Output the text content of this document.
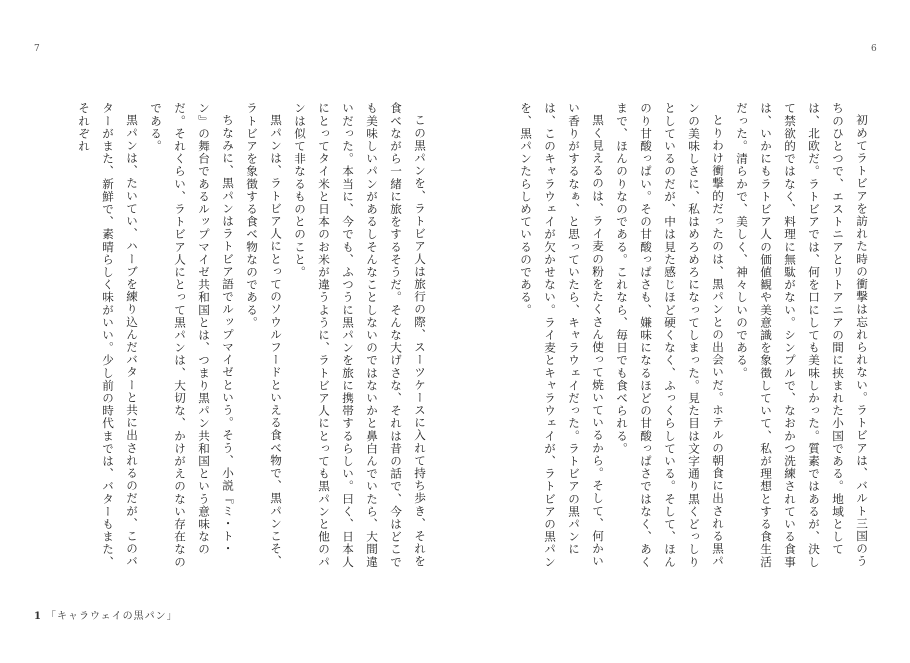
6
7

初めてラトビアを訪れた時の衝撃は忘れられない。ラトビアは、バルト三国のうちのひとつで、エストニアとリトアニアの間に挟まれた小国である。地域としては、北欧だ。ラトビアでは、何を口にしても美味しかった。質素ではあるが、決して禁欲的ではなく、料理に無駄がない。シンプルで、なおかつ洗練されている食事は、いかにもラトビア人の価値観や美意識を象徴していて、私が理想とする食生活だった。清らかで、美しく、神々しいのである。

とりわけ衝撃的だったのは、黒パンとの出会いだ。ホテルの朝食に出される黒パンの美味しさに、私はめろめろになってしまった。見た目は文字通り黒くどっしりとしているのだが、中は見た感じほど硬くなく、ふっくらしている。そして、ほんのり甘酸っぱい。その甘酸っぱさも、嫌味になるほどの甘酸っぱさではなく、あくまで、ほんのりなのである。これなら、毎日でも食べられる。

黒く見えるのは、ライ麦の粉をたくさん使って焼いているから。そして、何かいい香りがするなぁ、と思っていたら、キャラウェイだった。ラトビアの黒パンには、このキャラウェイが欠かせない。ライ麦とキャラウェイが、ラトビアの黒パンを、黒パンたらしめているのである。

この黒パンを、ラトビア人は旅行の際、スーツケースに入れて持ち歩き、それを食べながら一緒に旅をするそうだ。そんな大げさな、それは昔の話で、今はどこでも美味しいパンがあるしそんなことしないのではないかと鼻白んでいたら、大間違いだった。本当に、今でも、ふつうに黒パンを旅に携帯するらしい。曰く、日本人にとってタイ米と日本のお米が違うように、ラトビア人にとっても黒パンと他のパンは似て非なるものとのこと。

黒パンは、ラトビア人にとってのソウルフードといえる食べ物で、黒パンこそ、ラトビアを象徴する食べ物なのである。

ちなみに、黒パンはラトビア語でルップマイゼという。そう、小説『ミ・ト・ン』の舞台であるルップマイゼ共和国とは、つまり黒パン共和国という意味なのだ。それくらい、ラトビア人にとって黒パンは、大切な、かけがえのない存在なのである。

黒パンは、たいてい、ハーブを練り込んだバターと共に出されるのだが、このバターがまた、新鮮で、素晴らしく味がいい。少し前の時代までは、バターもまた、それぞれ

1 「キャラウェイの黒パン」
